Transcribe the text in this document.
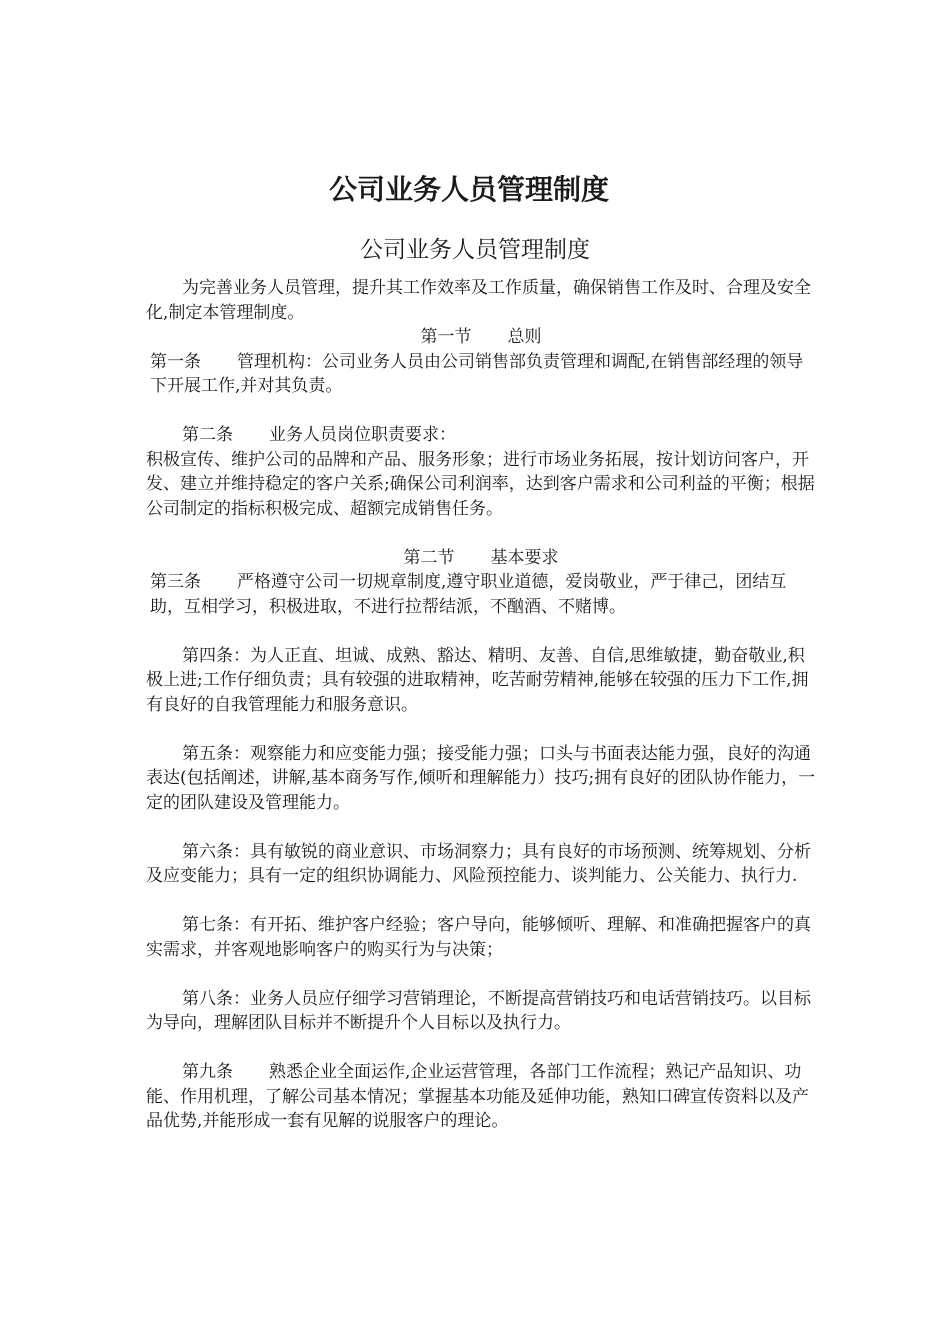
公司业务人员管理制度
公司业务人员管理制度

为完善业务人员管理，提升其工作效率及工作质量，确保销售工作及时、合理及安全化,制定本管理制度。

第一节 总则

第一条 管理机构：公司业务人员由公司销售部负责管理和调配,在销售部经理的领导下开展工作,并对其负责。

第二条 业务人员岗位职责要求：

积极宣传、维护公司的品牌和产品、服务形象；进行市场业务拓展，按计划访问客户，开发、建立并维持稳定的客户关系;确保公司利润率，达到客户需求和公司利益的平衡；根据公司制定的指标积极完成、超额完成销售任务。

第二节 基本要求

第三条 严格遵守公司一切规章制度,遵守职业道德，爱岗敬业，严于律己，团结互助，互相学习，积极进取，不进行拉帮结派，不酗酒、不赌博。

第四条：为人正直、坦诚、成熟、豁达、精明、友善、自信,思维敏捷，勤奋敬业,积极上进;工作仔细负责；具有较强的进取精神，吃苦耐劳精神,能够在较强的压力下工作,拥有良好的自我管理能力和服务意识。

第五条：观察能力和应变能力强；接受能力强；口头与书面表达能力强，良好的沟通表达(包括阐述，讲解,基本商务写作,倾听和理解能力）技巧;拥有良好的团队协作能力，一定的团队建设及管理能力。

第六条：具有敏锐的商业意识、市场洞察力；具有良好的市场预测、统筹规划、分析及应变能力；具有一定的组织协调能力、风险预控能力、谈判能力、公关能力、执行力.

第七条：有开拓、维护客户经验；客户导向，能够倾听、理解、和准确把握客户的真实需求，并客观地影响客户的购买行为与决策；

第八条：业务人员应仔细学习营销理论，不断提高营销技巧和电话营销技巧。以目标为导向，理解团队目标并不断提升个人目标以及执行力。

第九条 熟悉企业全面运作,企业运营管理，各部门工作流程；熟记产品知识、功能、作用机理，了解公司基本情况；掌握基本功能及延伸功能，熟知口碑宣传资料以及产品优势,并能形成一套有见解的说服客户的理论。
